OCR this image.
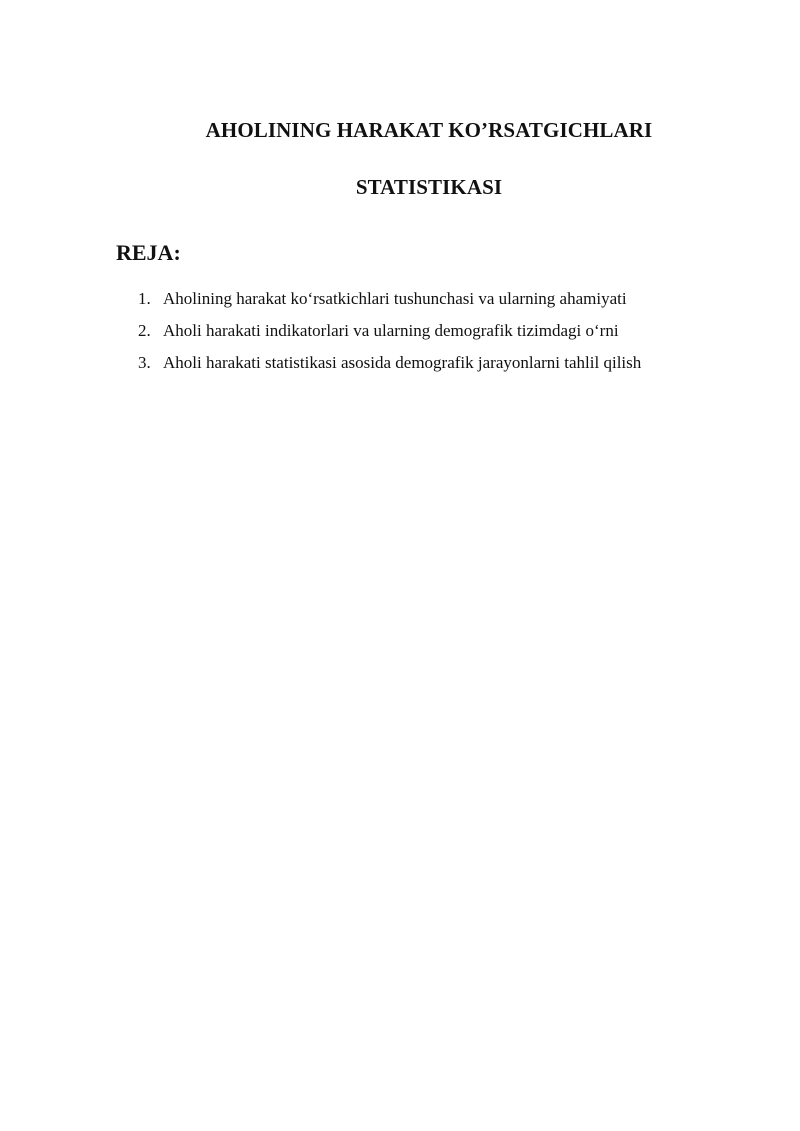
AHOLINING HARAKAT KO’RSATGICHLARI
STATISTIKASI
REJA:
1. Aholining harakat ko‘rsatkichlari tushunchasi va ularning ahamiyati
2. Aholi harakati indikatorlari va ularning demografik tizimdagi o‘rni
3. Aholi harakati statistikasi asosida demografik jarayonlarni tahlil qilish
